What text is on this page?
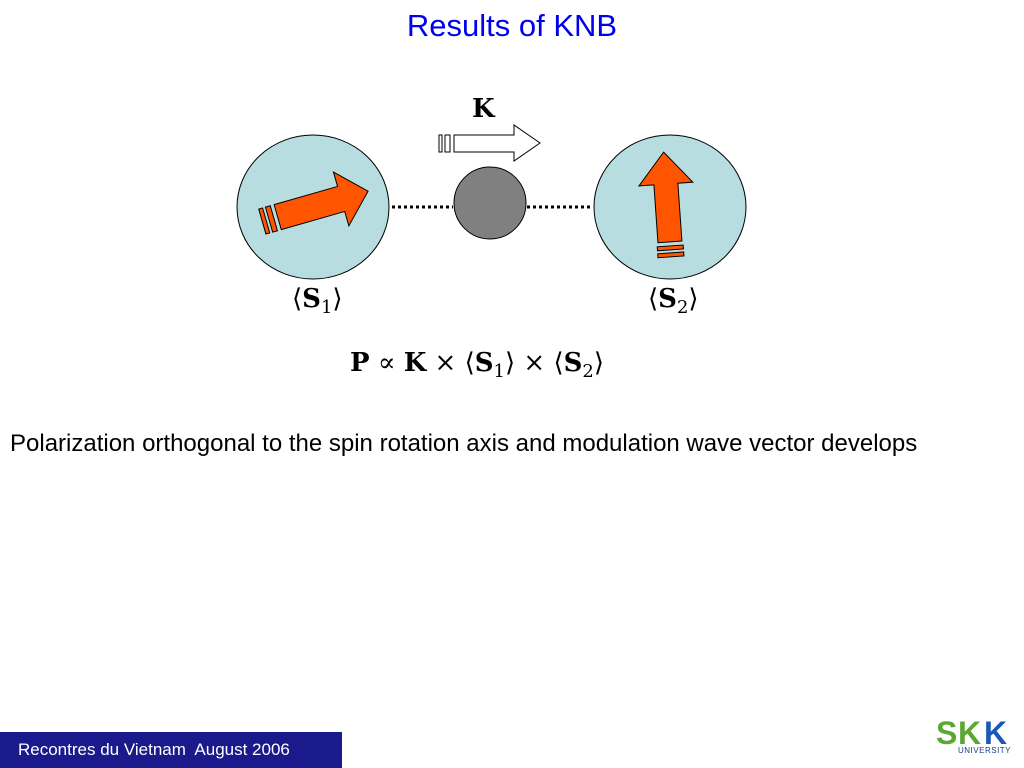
Results of KNB
K
$⟨S_1⟩$	$⟨S_2⟩$
$P \propto K \times ⟨S_1⟩$ × $⟨S_2⟩$
Polarization orthogonal to the spin rotation axis and modulation wave vector develops
Recontres du Vietnam  August 2006	S K K
UNIVERSITY
